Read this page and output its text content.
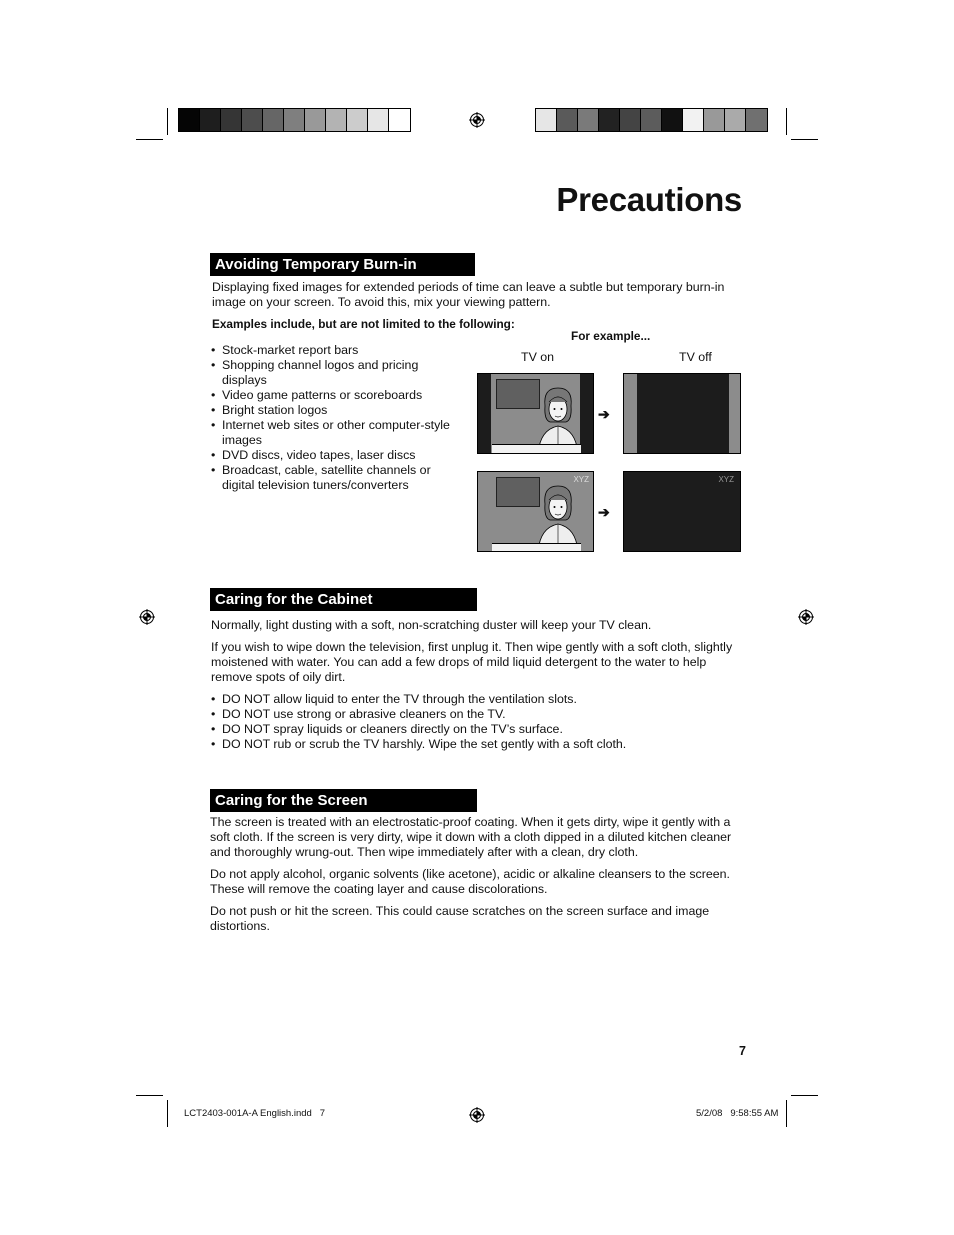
Precautions
Avoiding Temporary Burn-in

Displaying fixed images for extended periods of time can leave a subtle but temporary burn-in

image on your screen. To avoid this, mix your viewing pattern.

Examples include, but are not limited to the following:

For example...

• Stock-market report bars
• Shopping channel logos and pricing
displays
• Video game patterns or scoreboards
• Bright station logos
• Internet web sites or other computer-style
images
• DVD discs, video tapes, laser discs
• Broadcast, cable, satellite channels or
digital television tuners/converters

TV on	TV off

➔
XYZ
➔
XYZ
Caring for the Cabinet

Normally, light dusting with a soft, non-scratching duster will keep your TV clean.

If you wish to wipe down the television, first unplug it. Then wipe gently with a soft cloth, slightly

moistened with water. You can add a few drops of mild liquid detergent to the water to help

remove spots of oily dirt.

• DO NOT allow liquid to enter the TV through the ventilation slots.
• DO NOT use strong or abrasive cleaners on the TV.
• DO NOT spray liquids or cleaners directly on the TV’s surface.
• DO NOT rub or scrub the TV harshly. Wipe the set gently with a soft cloth.
Caring for the Screen

The screen is treated with an electrostatic-proof coating. When it gets dirty, wipe it gently with a

soft cloth. If the screen is very dirty, wipe it down with a cloth dipped in a diluted kitchen cleaner

and thoroughly wrung-out. Then wipe immediately after with a clean, dry cloth.

Do not apply alcohol, organic solvents (like acetone), acidic or alkaline cleansers to the screen.

These will remove the coating layer and cause discolorations.

Do not push or hit the screen. This could cause scratches on the screen surface and image

distortions.

7
LCT2403-001A-A English.indd   7	5/2/08   9:58:55 AM
